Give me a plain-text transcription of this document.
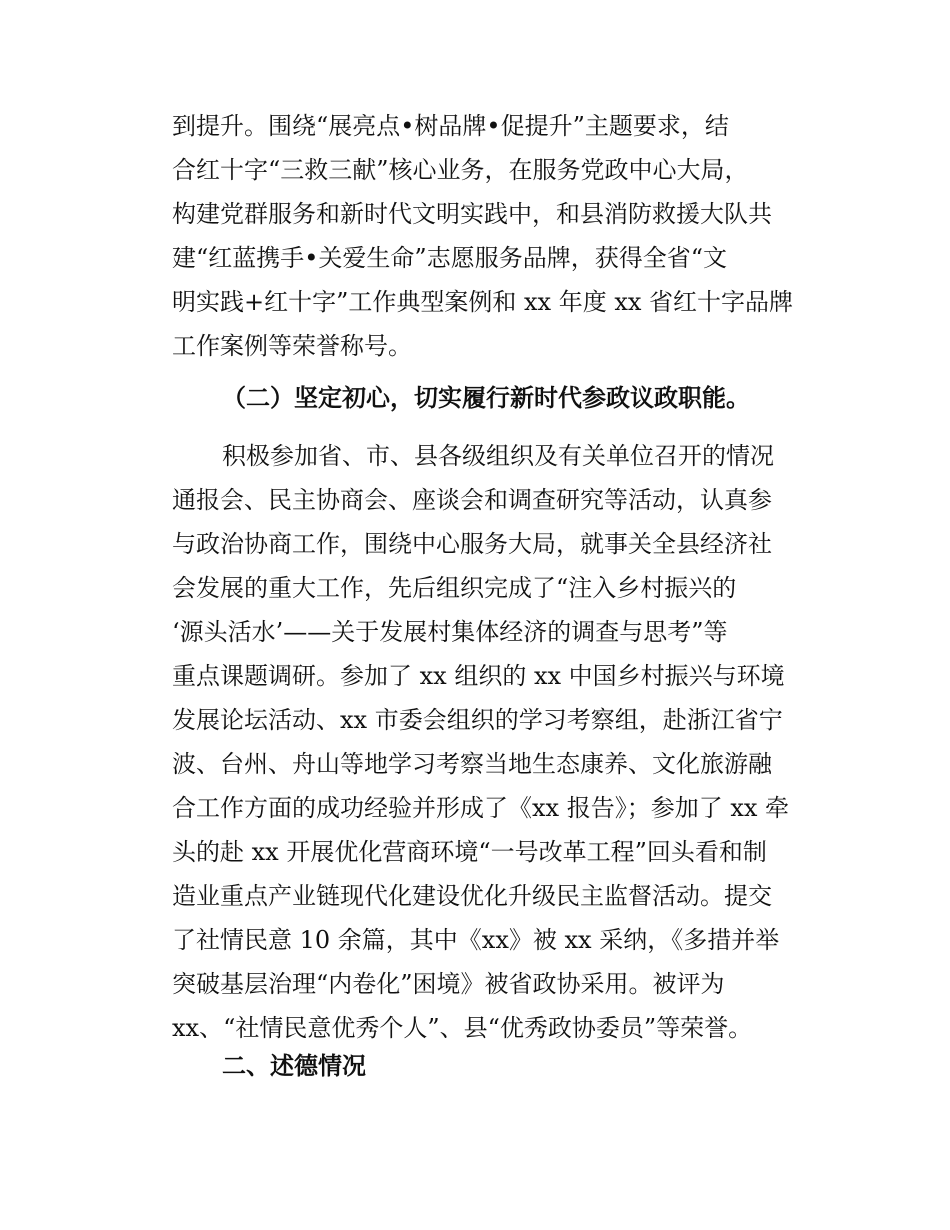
到提升。围绕“展亮点•树品牌•促提升”主题要求，结
合红十字“三救三献”核心业务，在服务党政中心大局，
构建党群服务和新时代文明实践中，和县消防救援大队共
建“红蓝携手•关爱生命”志愿服务品牌，获得全省“文
明实践+红十字”工作典型案例和 xx 年度 xx 省红十字品牌
工作案例等荣誉称号。
（二）坚定初心，切实履行新时代参政议政职能。
积极参加省、市、县各级组织及有关单位召开的情况
通报会、民主协商会、座谈会和调查研究等活动，认真参
与政治协商工作，围绕中心服务大局，就事关全县经济社
会发展的重大工作，先后组织完成了“注入乡村振兴的
‘源头活水’——关于发展村集体经济的调查与思考”等
重点课题调研。参加了 xx 组织的 xx 中国乡村振兴与环境
发展论坛活动、xx 市委会组织的学习考察组，赴浙江省宁
波、台州、舟山等地学习考察当地生态康养、文化旅游融
合工作方面的成功经验并形成了《xx 报告》；参加了 xx 牵
头的赴 xx 开展优化营商环境“一号改革工程”回头看和制
造业重点产业链现代化建设优化升级民主监督活动。提交
了社情民意 10 余篇，其中《xx》被 xx 采纳，《多措并举
突破基层治理“内卷化”困境》被省政协采用。被评为
xx、“社情民意优秀个人”、县“优秀政协委员”等荣誉。
二、述德情况
